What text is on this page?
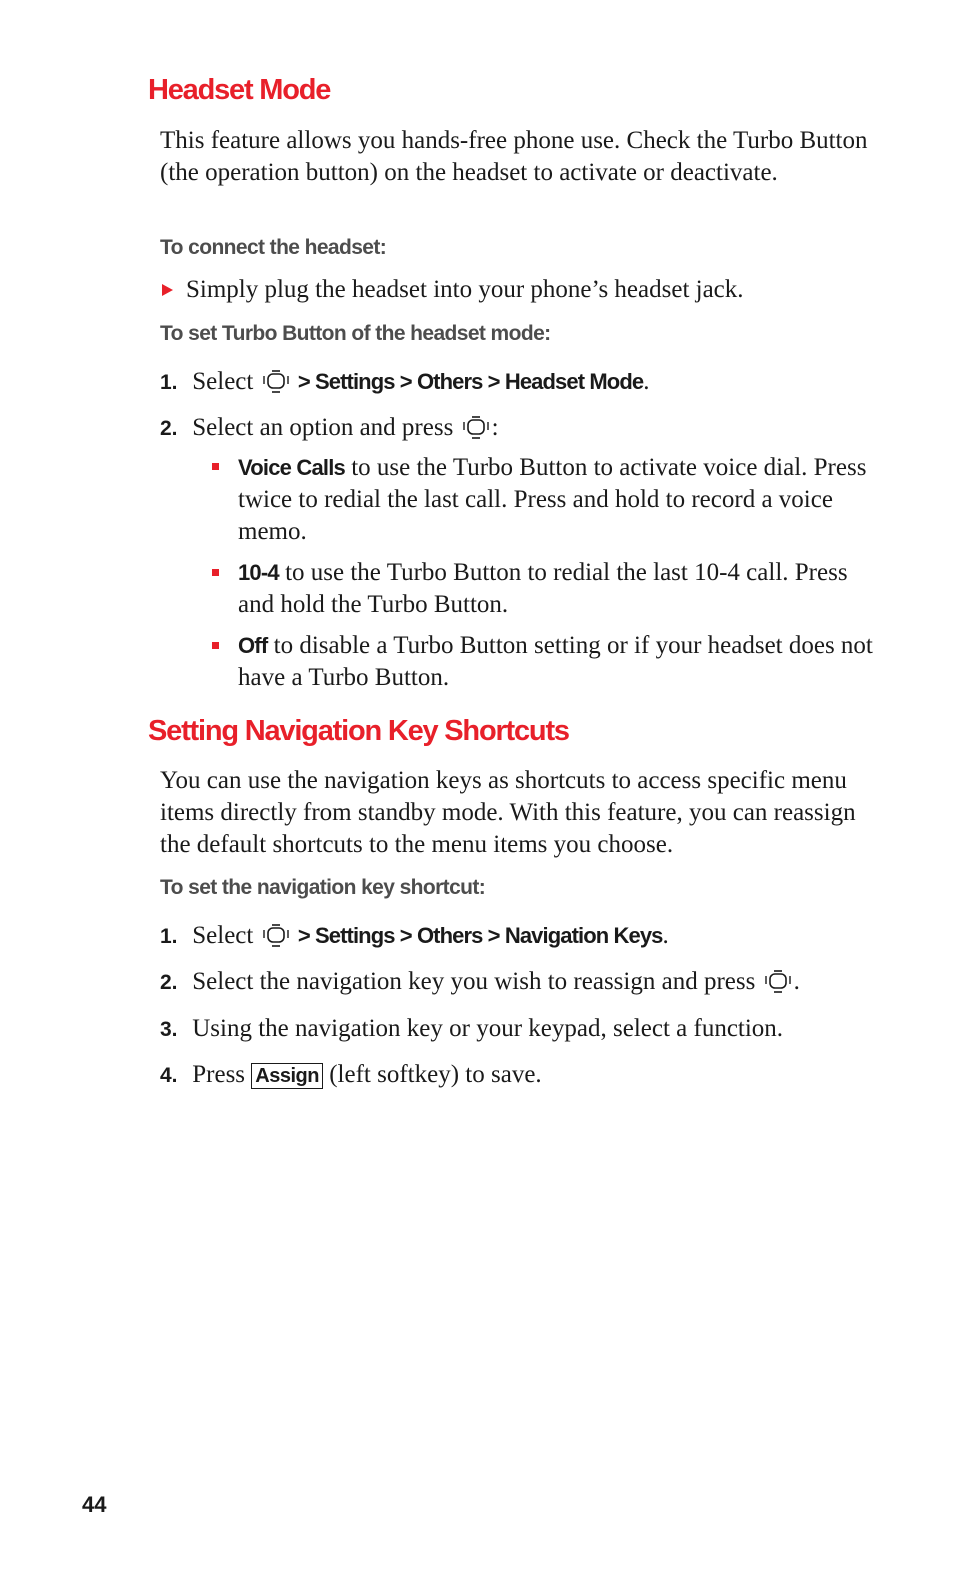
Headset Mode

This feature allows you hands-free phone use. Check the Turbo Button (the operation button) on the headset to activate or deactivate.

To connect the headset:

Simply plug the headset into your phone’s headset jack.

To set Turbo Button of the headset mode:
1. Select > Settings > Others > Headset Mode.
2. Select an option and press :

Voice Calls to use the Turbo Button to activate voice dial. Press twice to redial the last call. Press and hold to record a voice memo.

10-4 to use the Turbo Button to redial the last 10-4 call. Press and hold the Turbo Button.

Off to disable a Turbo Button setting or if your headset does not have a Turbo Button.

Setting Navigation Key Shortcuts

You can use the navigation keys as shortcuts to access specific menu items directly from standby mode. With this feature, you can reassign the default shortcuts to the menu items you choose.

To set the navigation key shortcut:
1. Select > Settings > Others > Navigation Keys.
2. Select the navigation key you wish to reassign and press .
3. Using the navigation key or your keypad, select a function.
4. Press Assign (left softkey) to save.
44
